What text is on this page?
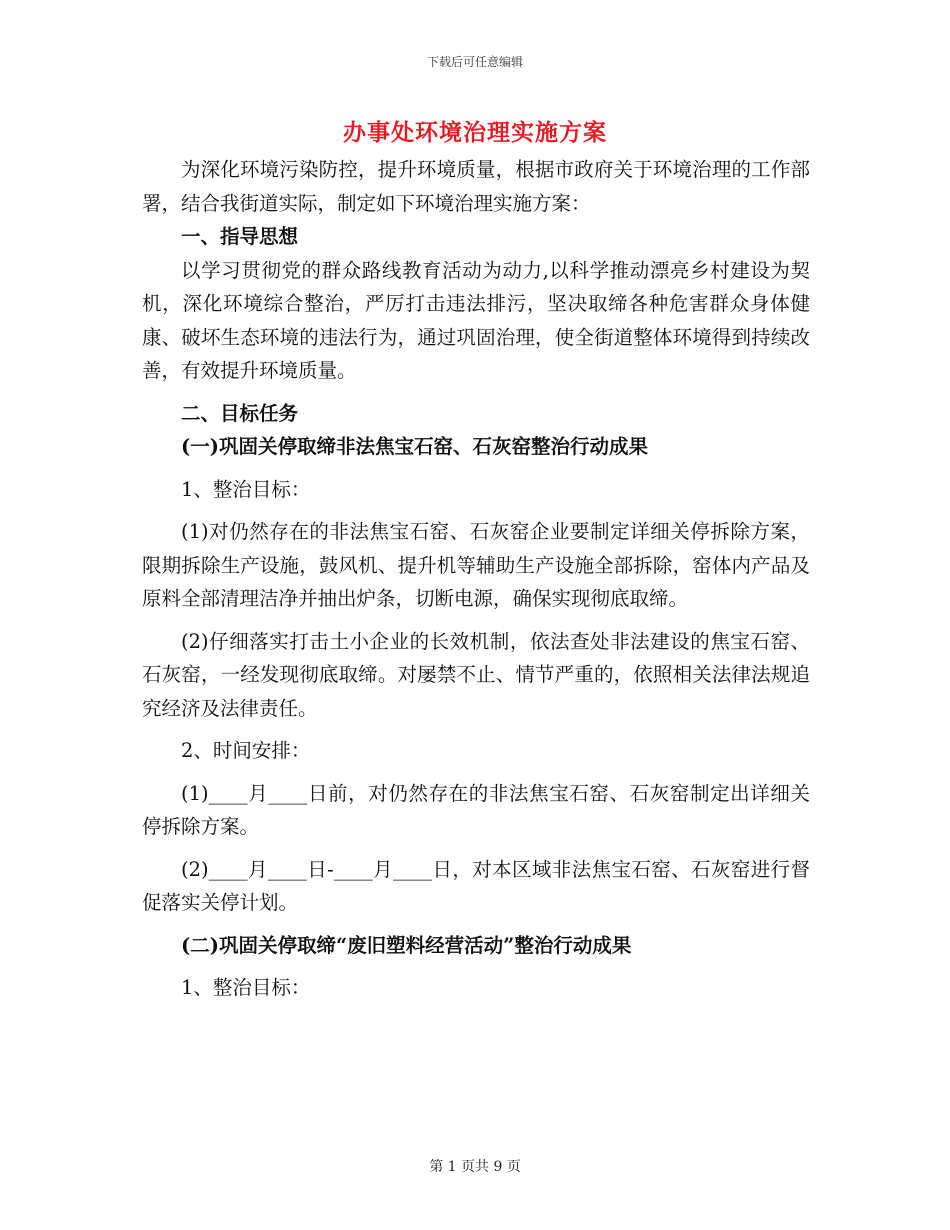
下载后可任意编辑
办事处环境治理实施方案

为深化环境污染防控，提升环境质量，根据市政府关于环境治理的工作部署，结合我街道实际，制定如下环境治理实施方案：

一、指导思想

以学习贯彻党的群众路线教育活动为动力,以科学推动漂亮乡村建设为契机，深化环境综合整治，严厉打击违法排污，坚决取缔各种危害群众身体健康、破坏生态环境的违法行为，通过巩固治理，使全街道整体环境得到持续改善，有效提升环境质量。

二、目标任务

(一)巩固关停取缔非法焦宝石窑、石灰窑整治行动成果

1、整治目标：

(1)对仍然存在的非法焦宝石窑、石灰窑企业要制定详细关停拆除方案，限期拆除生产设施，鼓风机、提升机等辅助生产设施全部拆除，窑体内产品及原料全部清理洁净并抽出炉条，切断电源，确保实现彻底取缔。

(2)仔细落实打击土小企业的长效机制，依法查处非法建设的焦宝石窑、石灰窑，一经发现彻底取缔。对屡禁不止、情节严重的，依照相关法律法规追究经济及法律责任。

2、时间安排：

(1)____月____日前，对仍然存在的非法焦宝石窑、石灰窑制定出详细关停拆除方案。

(2)____月____日-____月____日，对本区域非法焦宝石窑、石灰窑进行督促落实关停计划。

(二)巩固关停取缔“废旧塑料经营活动”整治行动成果

1、整治目标：

第 1 页共 9 页
